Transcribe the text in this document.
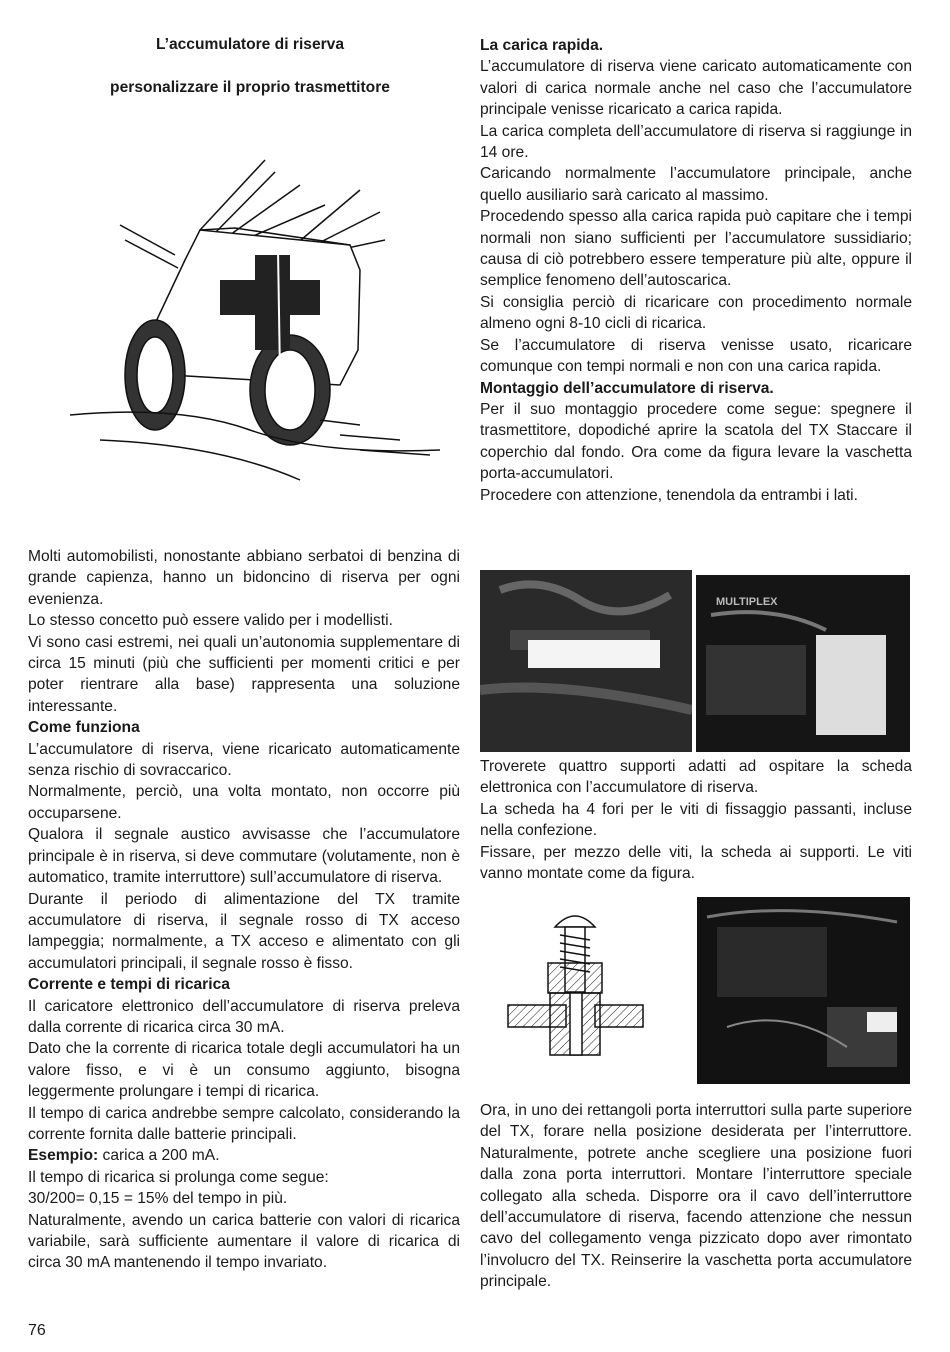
L’accumulatore di riserva
personalizzare il proprio trasmettitore

Molti automobilisti, nonostante abbiano serbatoi di benzina di grande capienza, hanno un bidoncino di riserva per ogni evenienza.

Lo stesso concetto può essere valido per i modellisti.

Vi sono casi estremi, nei quali un’autonomia supplementare di circa 15 minuti (più che sufficienti per momenti critici e per poter rientrare alla base) rappresenta una soluzione interessante.

Come funziona

L’accumulatore di riserva, viene ricaricato automaticamente senza rischio di sovraccarico.

Normalmente, perciò, una volta montato, non occorre più occuparsene.

Qualora il segnale austico avvisasse che l’accumulatore principale è in riserva, si deve commutare (volutamente, non è automatico, tramite interruttore) sull’accumulatore di riserva.

Durante il periodo di alimentazione del TX tramite accumulatore di riserva, il segnale rosso di TX acceso lampeggia; normalmente, a TX acceso e alimentato con gli accumulatori principali, il segnale rosso è fisso.

Corrente e tempi di ricarica

Il caricatore elettronico dell’accumulatore di riserva preleva dalla corrente di ricarica circa 30 mA.

Dato che la corrente di ricarica totale degli accumulatori ha un valore fisso, e vi è un consumo aggiunto, bisogna leggermente prolungare i tempi di ricarica.

Il tempo di carica andrebbe sempre calcolato, considerando la corrente fornita dalle batterie principali.

Esempio: carica a 200 mA.

Il tempo di ricarica si prolunga come segue:

30/200= 0,15 = 15% del tempo in più.

Naturalmente, avendo un carica batterie con valori di ricarica variabile, sarà sufficiente aumentare il valore di ricarica di circa 30 mA mantenendo il tempo invariato.

La carica rapida.

L’accumulatore di riserva viene caricato automaticamente con valori di carica normale anche nel caso che l’accumulatore principale venisse ricaricato a carica rapida.

La carica completa dell’accumulatore di riserva si raggiunge in 14 ore.

Caricando normalmente l’accumulatore principale, anche quello ausiliario sarà caricato al massimo.

Procedendo spesso alla carica rapida può capitare che i tempi normali non siano sufficienti per l’accumulatore sussidiario; causa di ciò potrebbero essere temperature più alte, oppure il semplice fenomeno dell’autoscarica.

Si consiglia perciò di ricaricare con procedimento normale almeno ogni 8-10 cicli di ricarica.

Se l’accumulatore di riserva venisse usato, ricaricare comunque con tempi normali e non con una carica rapida.

Montaggio dell’accumulatore di riserva.

Per il suo montaggio procedere come segue: spegnere il trasmettitore, dopodiché aprire la scatola del TX Staccare il coperchio dal fondo. Ora come da figura levare la vaschetta porta-accumulatori.

Procedere con attenzione, tenendola da entrambi i lati.

MULTIPLEX

Troverete quattro supporti adatti ad ospitare la scheda elettronica con l’accumulatore di riserva.

La scheda ha 4 fori per le viti di fissaggio passanti, incluse nella confezione.

Fissare, per mezzo delle viti, la scheda ai supporti. Le viti vanno montate come da figura.

Ora, in uno dei rettangoli porta interruttori sulla parte superiore del TX, forare nella posizione desiderata per l’interruttore. Naturalmente, potrete anche scegliere una posizione fuori dalla zona porta interruttori. Montare l’interruttore speciale collegato alla scheda. Disporre ora il cavo dell’interruttore dell’accumulatore di riserva, facendo attenzione che nessun cavo del collegamento venga pizzicato dopo aver rimontato l’involucro del TX. Reinserire la vaschetta porta accumulatore principale.

76
